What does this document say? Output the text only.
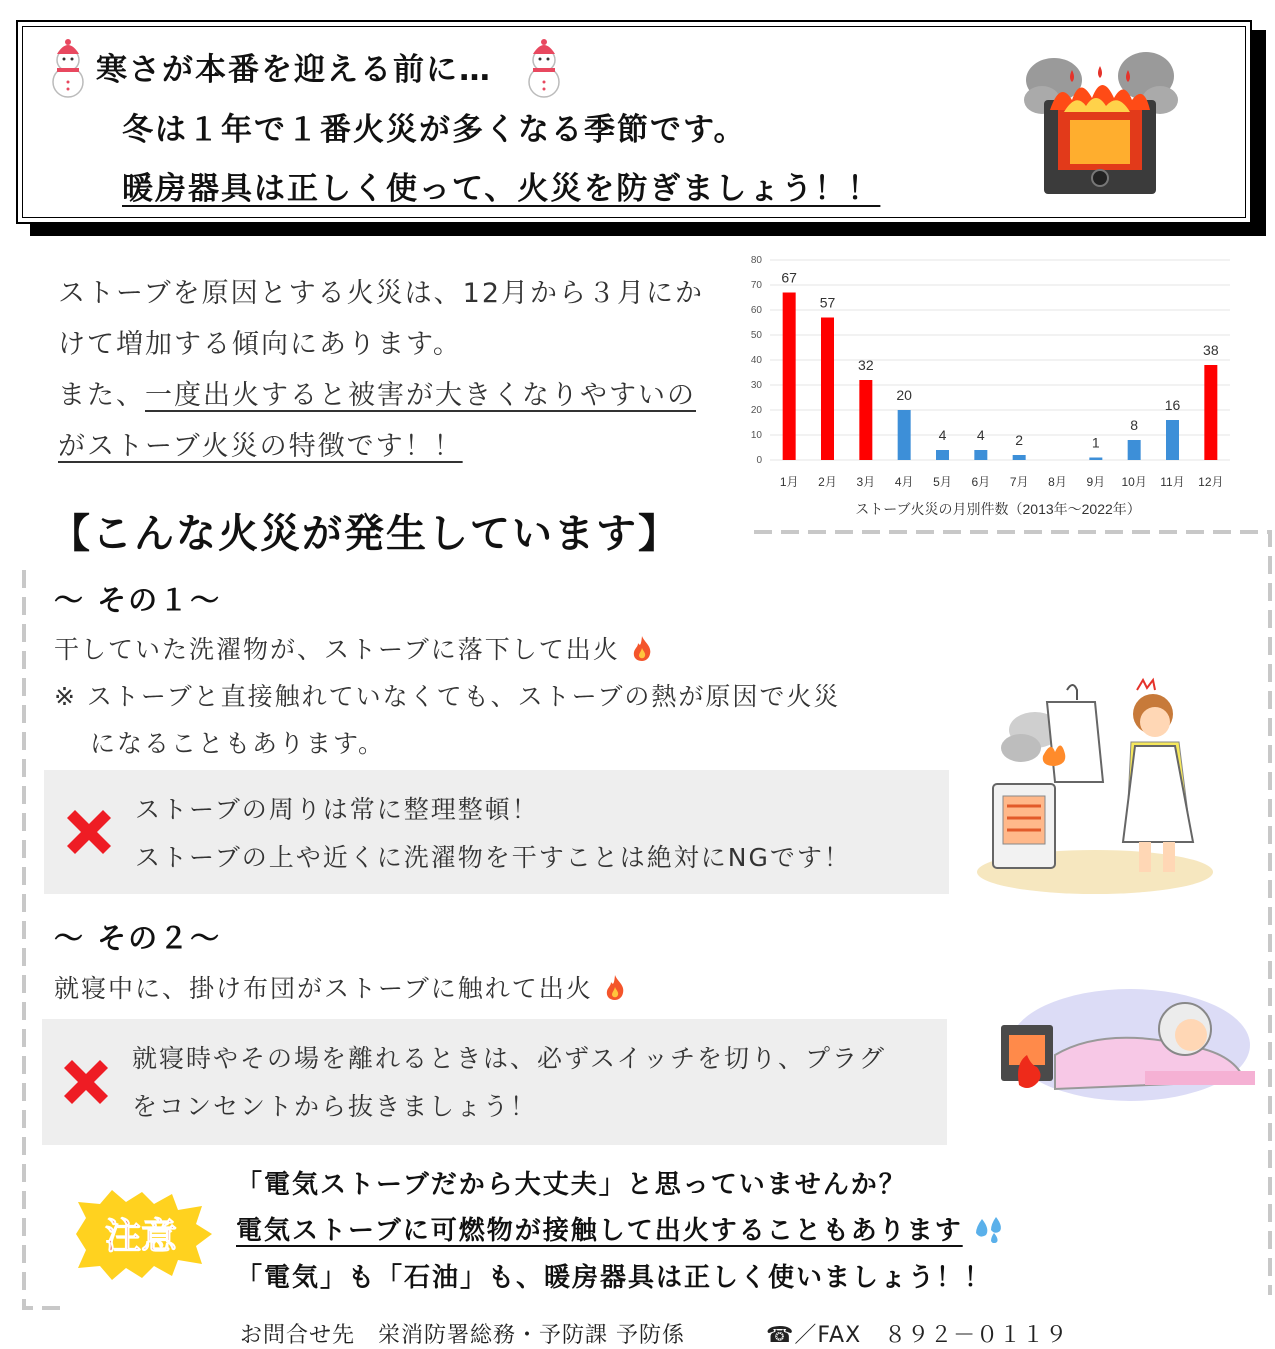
寒さが本番を迎える前に…
冬は１年で１番火災が多くなる季節です。
暖房器具は正しく使って、火災を防ぎましょう！！
ストーブを原因とする火災は、12月から３月にか
けて増加する傾向にあります。
また、一度出火すると被害が大きくなりやすいの
がストーブ火災の特徴です！！	0
10
20
30
40
50
60
70
80
67
57
32
20
4 4 2	1
8
16
38
1月 2月 3月 4月 5月 6月 7月 8月 9月 10月 11月 12月
ストーブ火災の月別件数（2013年～2022年）
【こんな火災が発生しています】
～ その１～
干していた洗濯物が、ストーブに落下して出火
※ ストーブと直接触れていなくても、ストーブの熱が原因で火災
になることもあります。
ストーブの周りは常に整理整頓！
ストーブの上や近くに洗濯物を干すことは絶対にNGです！
～ その２～
就寝中に、掛け布団がストーブに触れて出火
就寝時やその場を離れるときは、必ずスイッチを切り、プラグ
をコンセントから抜きましょう！
注意
「電気ストーブだから大丈夫」と思っていませんか？
電気ストーブに可燃物が接触して出火することもあります
「電気」も「石油」も、暖房器具は正しく使いましょう！！
お問合せ先　栄消防署総務・予防課 予防係	☎／FAX　８９２－０１１９
